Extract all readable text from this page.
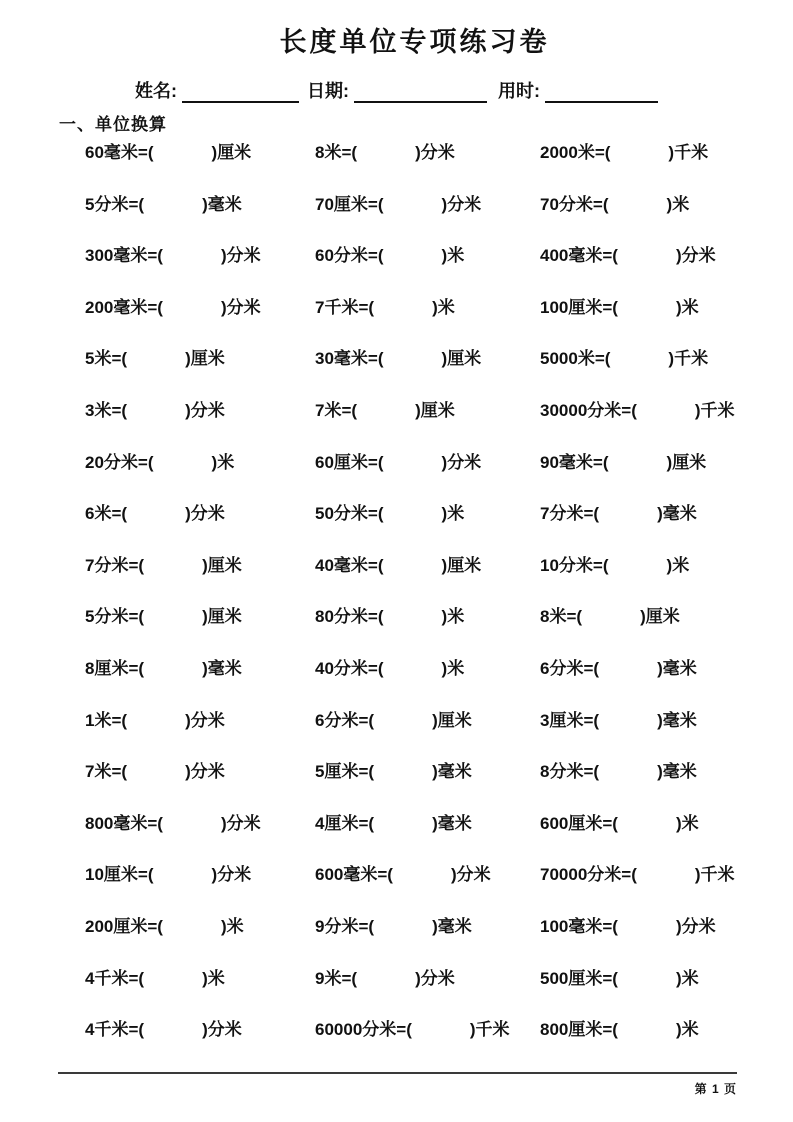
长度单位专项练习卷
姓名:	日期:	用时:
一、单位换算
60毫米=(	)厘米	8米=(	)分米	2000米=(	)千米
5分米=(	)毫米	70厘米=(	)分米	70分米=(	)米
300毫米=(	)分米	60分米=(	)米	400毫米=(	)分米
200毫米=(	)分米	7千米=(	)米	100厘米=(	)米
5米=(	)厘米	30毫米=(	)厘米	5000米=(	)千米
3米=(	)分米	7米=(	)厘米	30000分米=(	)千米
20分米=(	)米	60厘米=(	)分米	90毫米=(	)厘米
6米=(	)分米	50分米=(	)米	7分米=(	)毫米
7分米=(	)厘米	40毫米=(	)厘米	10分米=(	)米
5分米=(	)厘米	80分米=(	)米	8米=(	)厘米
8厘米=(	)毫米	40分米=(	)米	6分米=(	)毫米
1米=(	)分米	6分米=(	)厘米	3厘米=(	)毫米
7米=(	)分米	5厘米=(	)毫米	8分米=(	)毫米
800毫米=(	)分米	4厘米=(	)毫米	600厘米=(	)米
10厘米=(	)分米	600毫米=(	)分米	70000分米=(	)千米
200厘米=(	)米	9分米=(	)毫米	100毫米=(	)分米
4千米=(	)米	9米=(	)分米	500厘米=(	)米
4千米=(	)分米	60000分米=(	)千米	800厘米=(	)米
第 1 页
